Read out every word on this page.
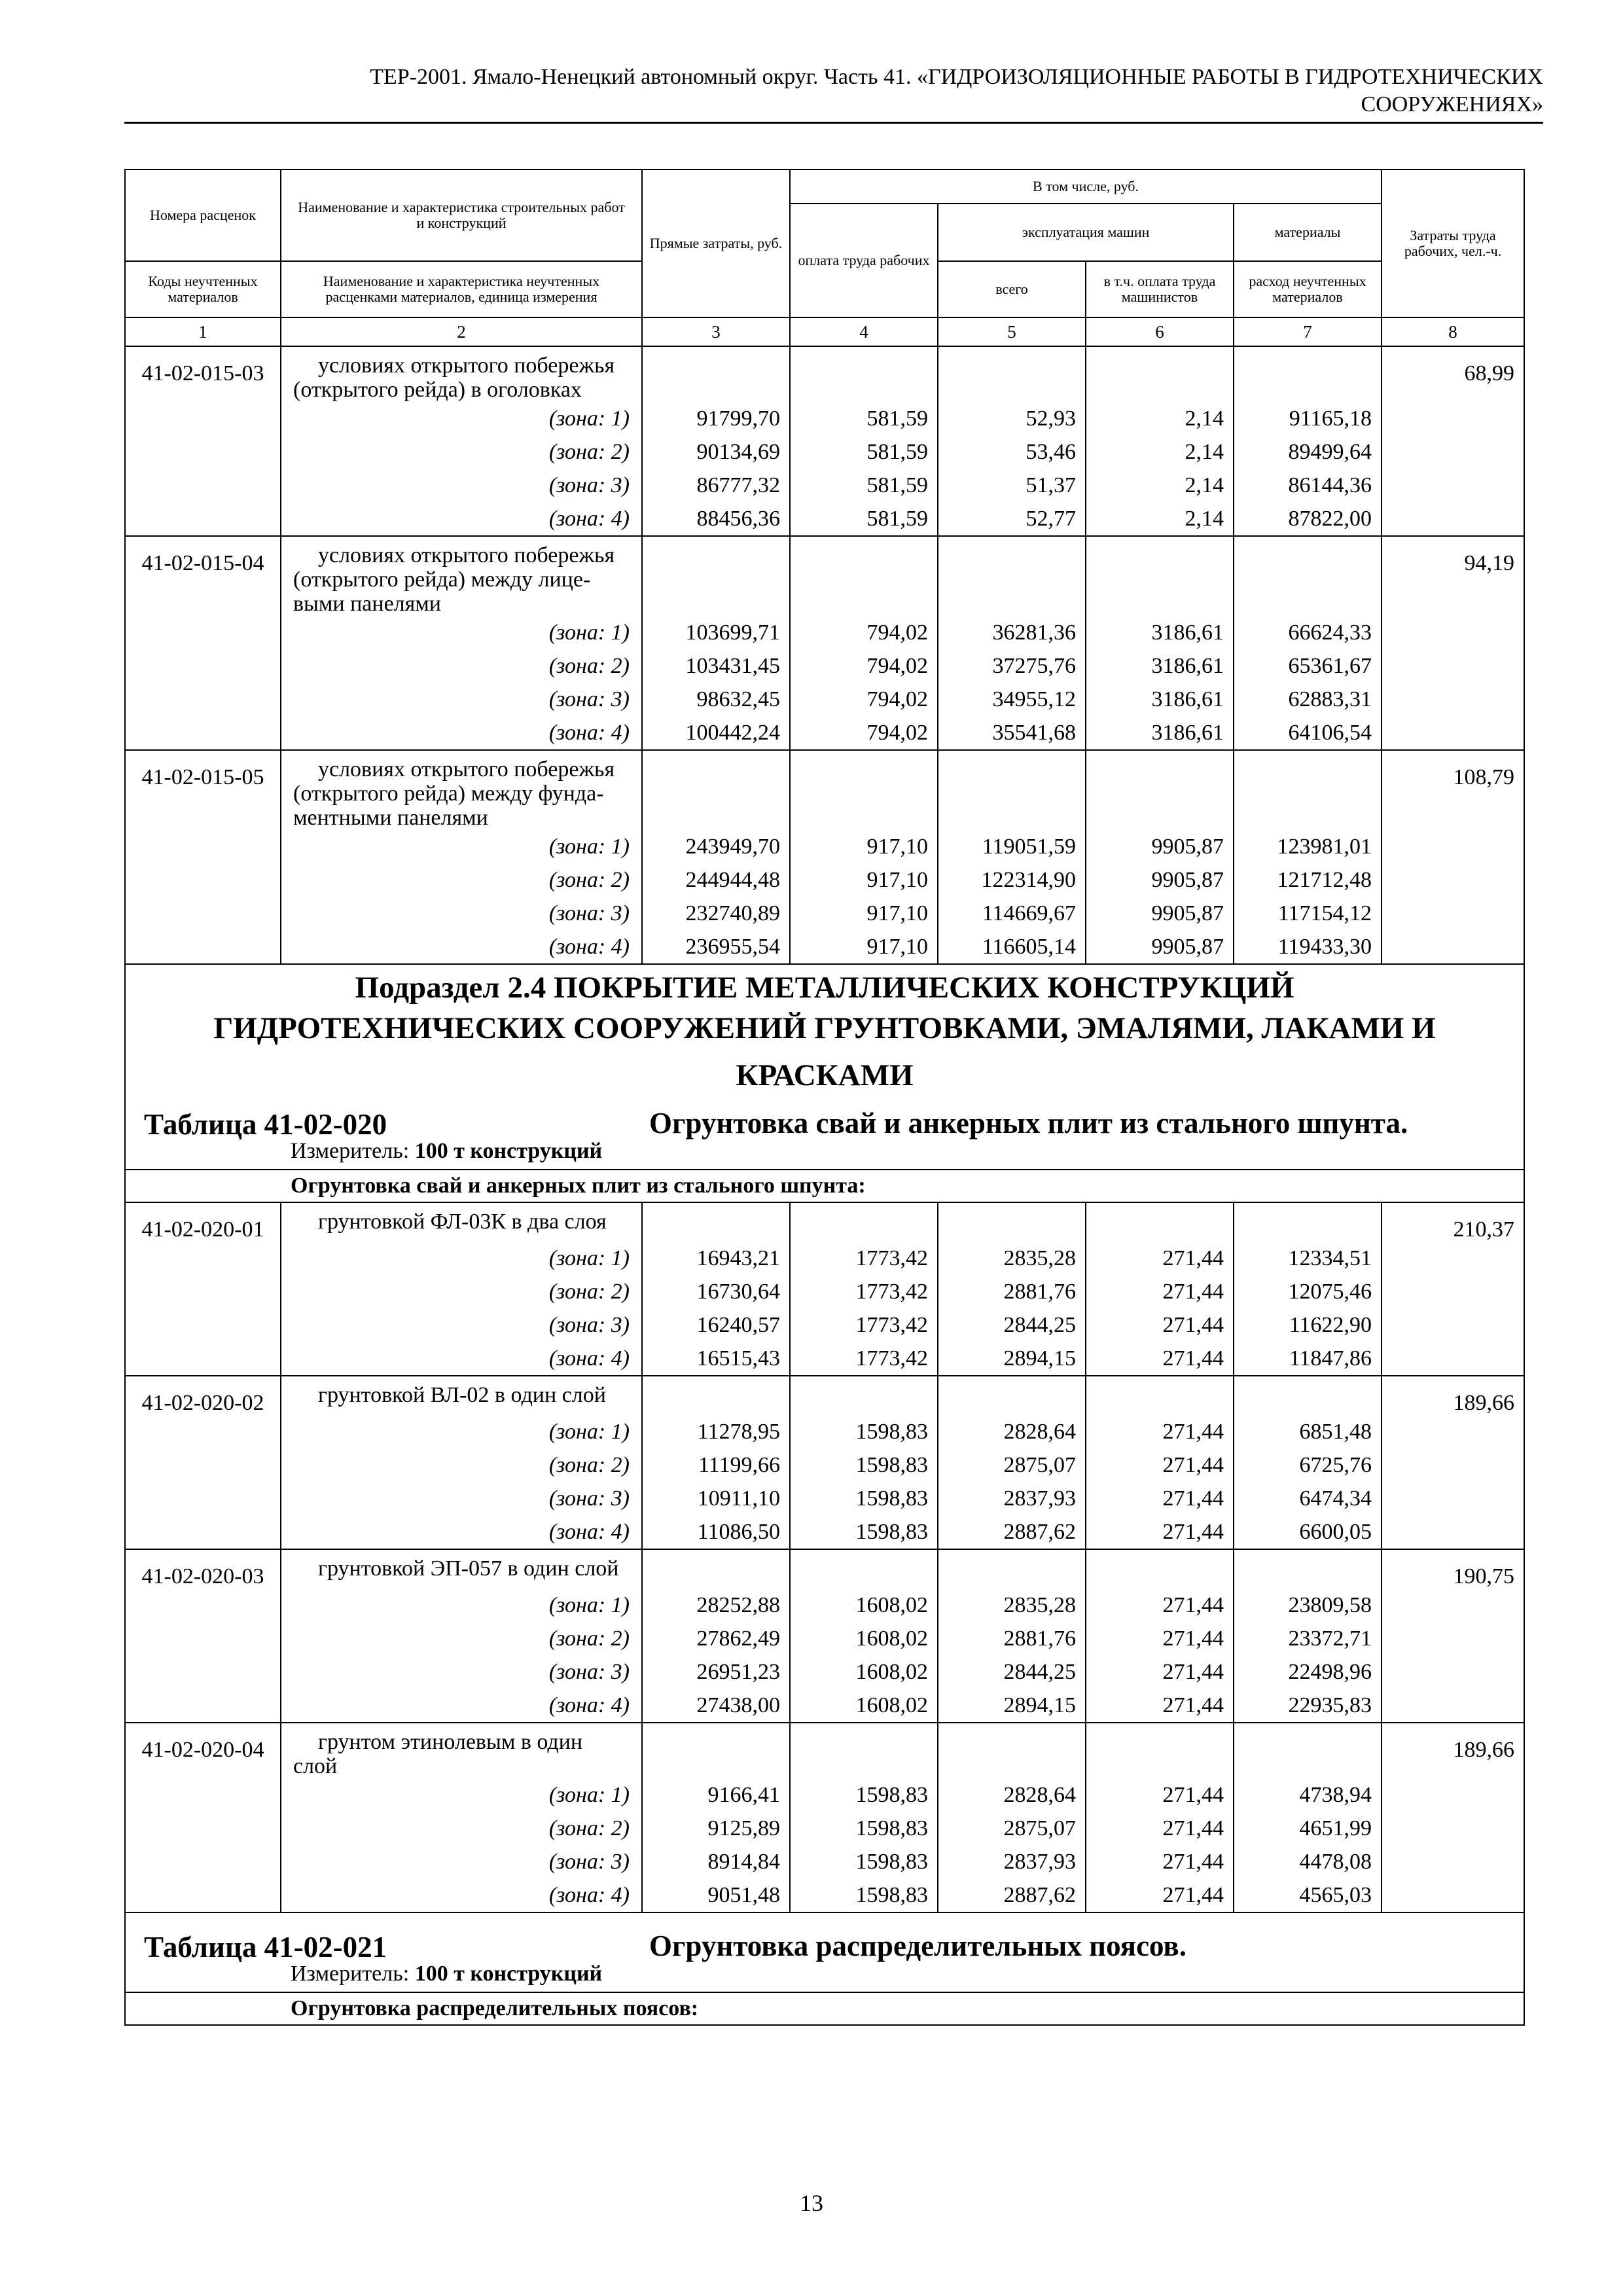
ТЕР-2001. Ямало-Ненецкий автономный округ. Часть 41. «ГИДРОИЗОЛЯЦИОННЫЕ РАБОТЫ В ГИДРОТЕХНИЧЕСКИХ
СООРУЖЕНИЯХ»
Номера расценок	Наименование и характеристика строительных работ и конструкций	Прямые затраты, руб.	В том числе, руб.				Затраты труда рабочих, чел.-ч.
			оплата труда рабочих	эксплуатация машин		материалы	
Коды неучтенных материалов	Наименование и характеристика неучтенных расценками материалов, единица измерения			всего	в т.ч. оплата труда машинистов	расход неучтенных материалов	
1	2	3	4	5	6	7	8
41-02-015-03	условиях открытого побережья
(открытого рейда) в оголовках						68,99
	(зона: 1)	91799,70	581,59	52,93	2,14	91165,18	
	(зона: 2)	90134,69	581,59	53,46	2,14	89499,64	
	(зона: 3)	86777,32	581,59	51,37	2,14	86144,36	
	(зона: 4)	88456,36	581,59	52,77	2,14	87822,00	
41-02-015-04	условиях открытого побережья
(открытого рейда) между лице-
выми панелями						94,19
	(зона: 1)	103699,71	794,02	36281,36	3186,61	66624,33	
	(зона: 2)	103431,45	794,02	37275,76	3186,61	65361,67	
	(зона: 3)	98632,45	794,02	34955,12	3186,61	62883,31	
	(зона: 4)	100442,24	794,02	35541,68	3186,61	64106,54	
41-02-015-05	условиях открытого побережья
(открытого рейда) между фунда-
ментными панелями						108,79
	(зона: 1)	243949,70	917,10	119051,59	9905,87	123981,01	
	(зона: 2)	244944,48	917,10	122314,90	9905,87	121712,48	
	(зона: 3)	232740,89	917,10	114669,67	9905,87	117154,12	
	(зона: 4)	236955,54	917,10	116605,14	9905,87	119433,30	

Подраздел 2.4 ПОКРЫТИЕ МЕТАЛЛИЧЕСКИХ КОНСТРУКЦИЙ
ГИДРОТЕХНИЧЕСКИХ СООРУЖЕНИЙ ГРУНТОВКАМИ, ЭМАЛЯМИ, ЛАКАМИ И
КРАСКАМИ							

Таблица 41-02-020 Огрунтовка свай и анкерных плит из стального шпунта.
Измеритель: 100 т конструкций							

Огрунтовка свай и анкерных плит из стального шпунта:							
41-02-020-01	грунтовкой ФЛ-03К в два слоя						210,37
	(зона: 1)	16943,21	1773,42	2835,28	271,44	12334,51	
	(зона: 2)	16730,64	1773,42	2881,76	271,44	12075,46	
	(зона: 3)	16240,57	1773,42	2844,25	271,44	11622,90	
	(зона: 4)	16515,43	1773,42	2894,15	271,44	11847,86	
41-02-020-02	грунтовкой ВЛ-02 в один слой						189,66
	(зона: 1)	11278,95	1598,83	2828,64	271,44	6851,48	
	(зона: 2)	11199,66	1598,83	2875,07	271,44	6725,76	
	(зона: 3)	10911,10	1598,83	2837,93	271,44	6474,34	
	(зона: 4)	11086,50	1598,83	2887,62	271,44	6600,05	
41-02-020-03	грунтовкой ЭП-057 в один слой						190,75
	(зона: 1)	28252,88	1608,02	2835,28	271,44	23809,58	
	(зона: 2)	27862,49	1608,02	2881,76	271,44	23372,71	
	(зона: 3)	26951,23	1608,02	2844,25	271,44	22498,96	
	(зона: 4)	27438,00	1608,02	2894,15	271,44	22935,83	
41-02-020-04	грунтом этинолевым в один
слой						189,66
	(зона: 1)	9166,41	1598,83	2828,64	271,44	4738,94	
	(зона: 2)	9125,89	1598,83	2875,07	271,44	4651,99	
	(зона: 3)	8914,84	1598,83	2837,93	271,44	4478,08	
	(зона: 4)	9051,48	1598,83	2887,62	271,44	4565,03	

Таблица 41-02-021 Огрунтовка распределительных поясов.
Измеритель: 100 т конструкций							

Огрунтовка распределительных поясов:							
13
